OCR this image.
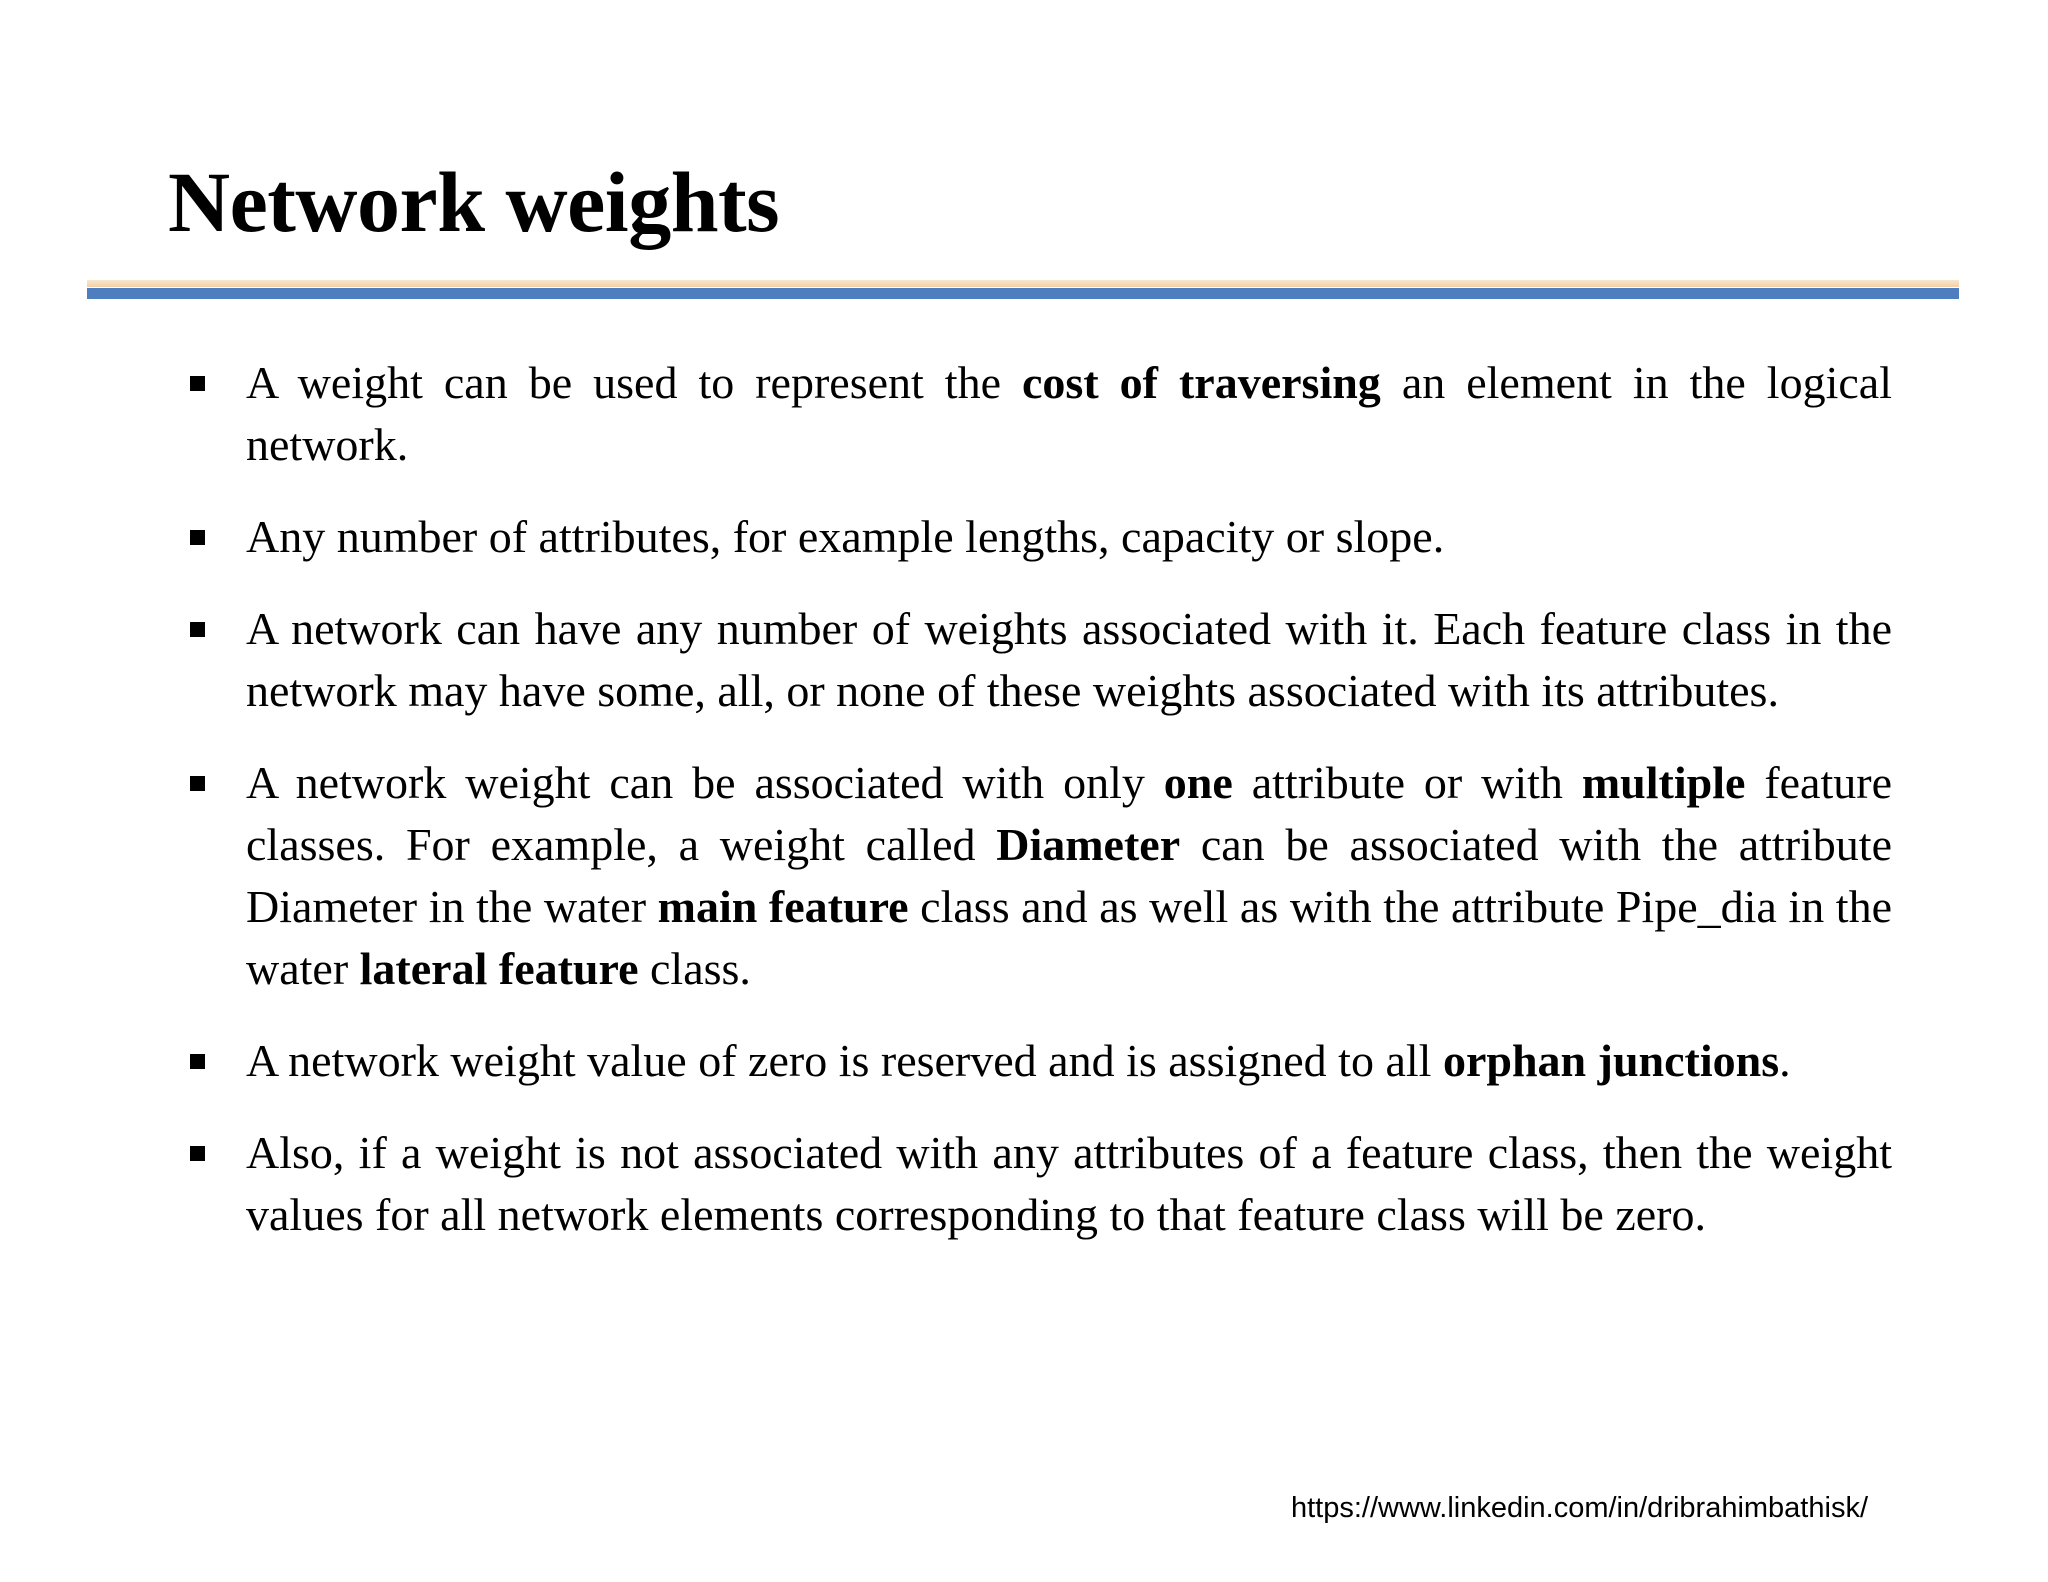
Network weights
A weight can be used to represent the cost of traversing an element in the logical network.
Any number of attributes, for example lengths, capacity or slope.
A network can have any number of weights associated with it. Each feature class in the network may have some, all, or none of these weights associated with its attributes.
A network weight can be associated with only one attribute or with multiple feature classes. For example, a weight called Diameter can be associated with the attribute Diameter in the water main feature class and as well as with the attribute Pipe_dia in the water lateral feature class.
A network weight value of zero is reserved and is assigned to all orphan junctions.
Also, if a weight is not associated with any attributes of a feature class, then the weight values for all network elements corresponding to that feature class will be zero.
https://www.linkedin.com/in/dribrahimbathisk/
